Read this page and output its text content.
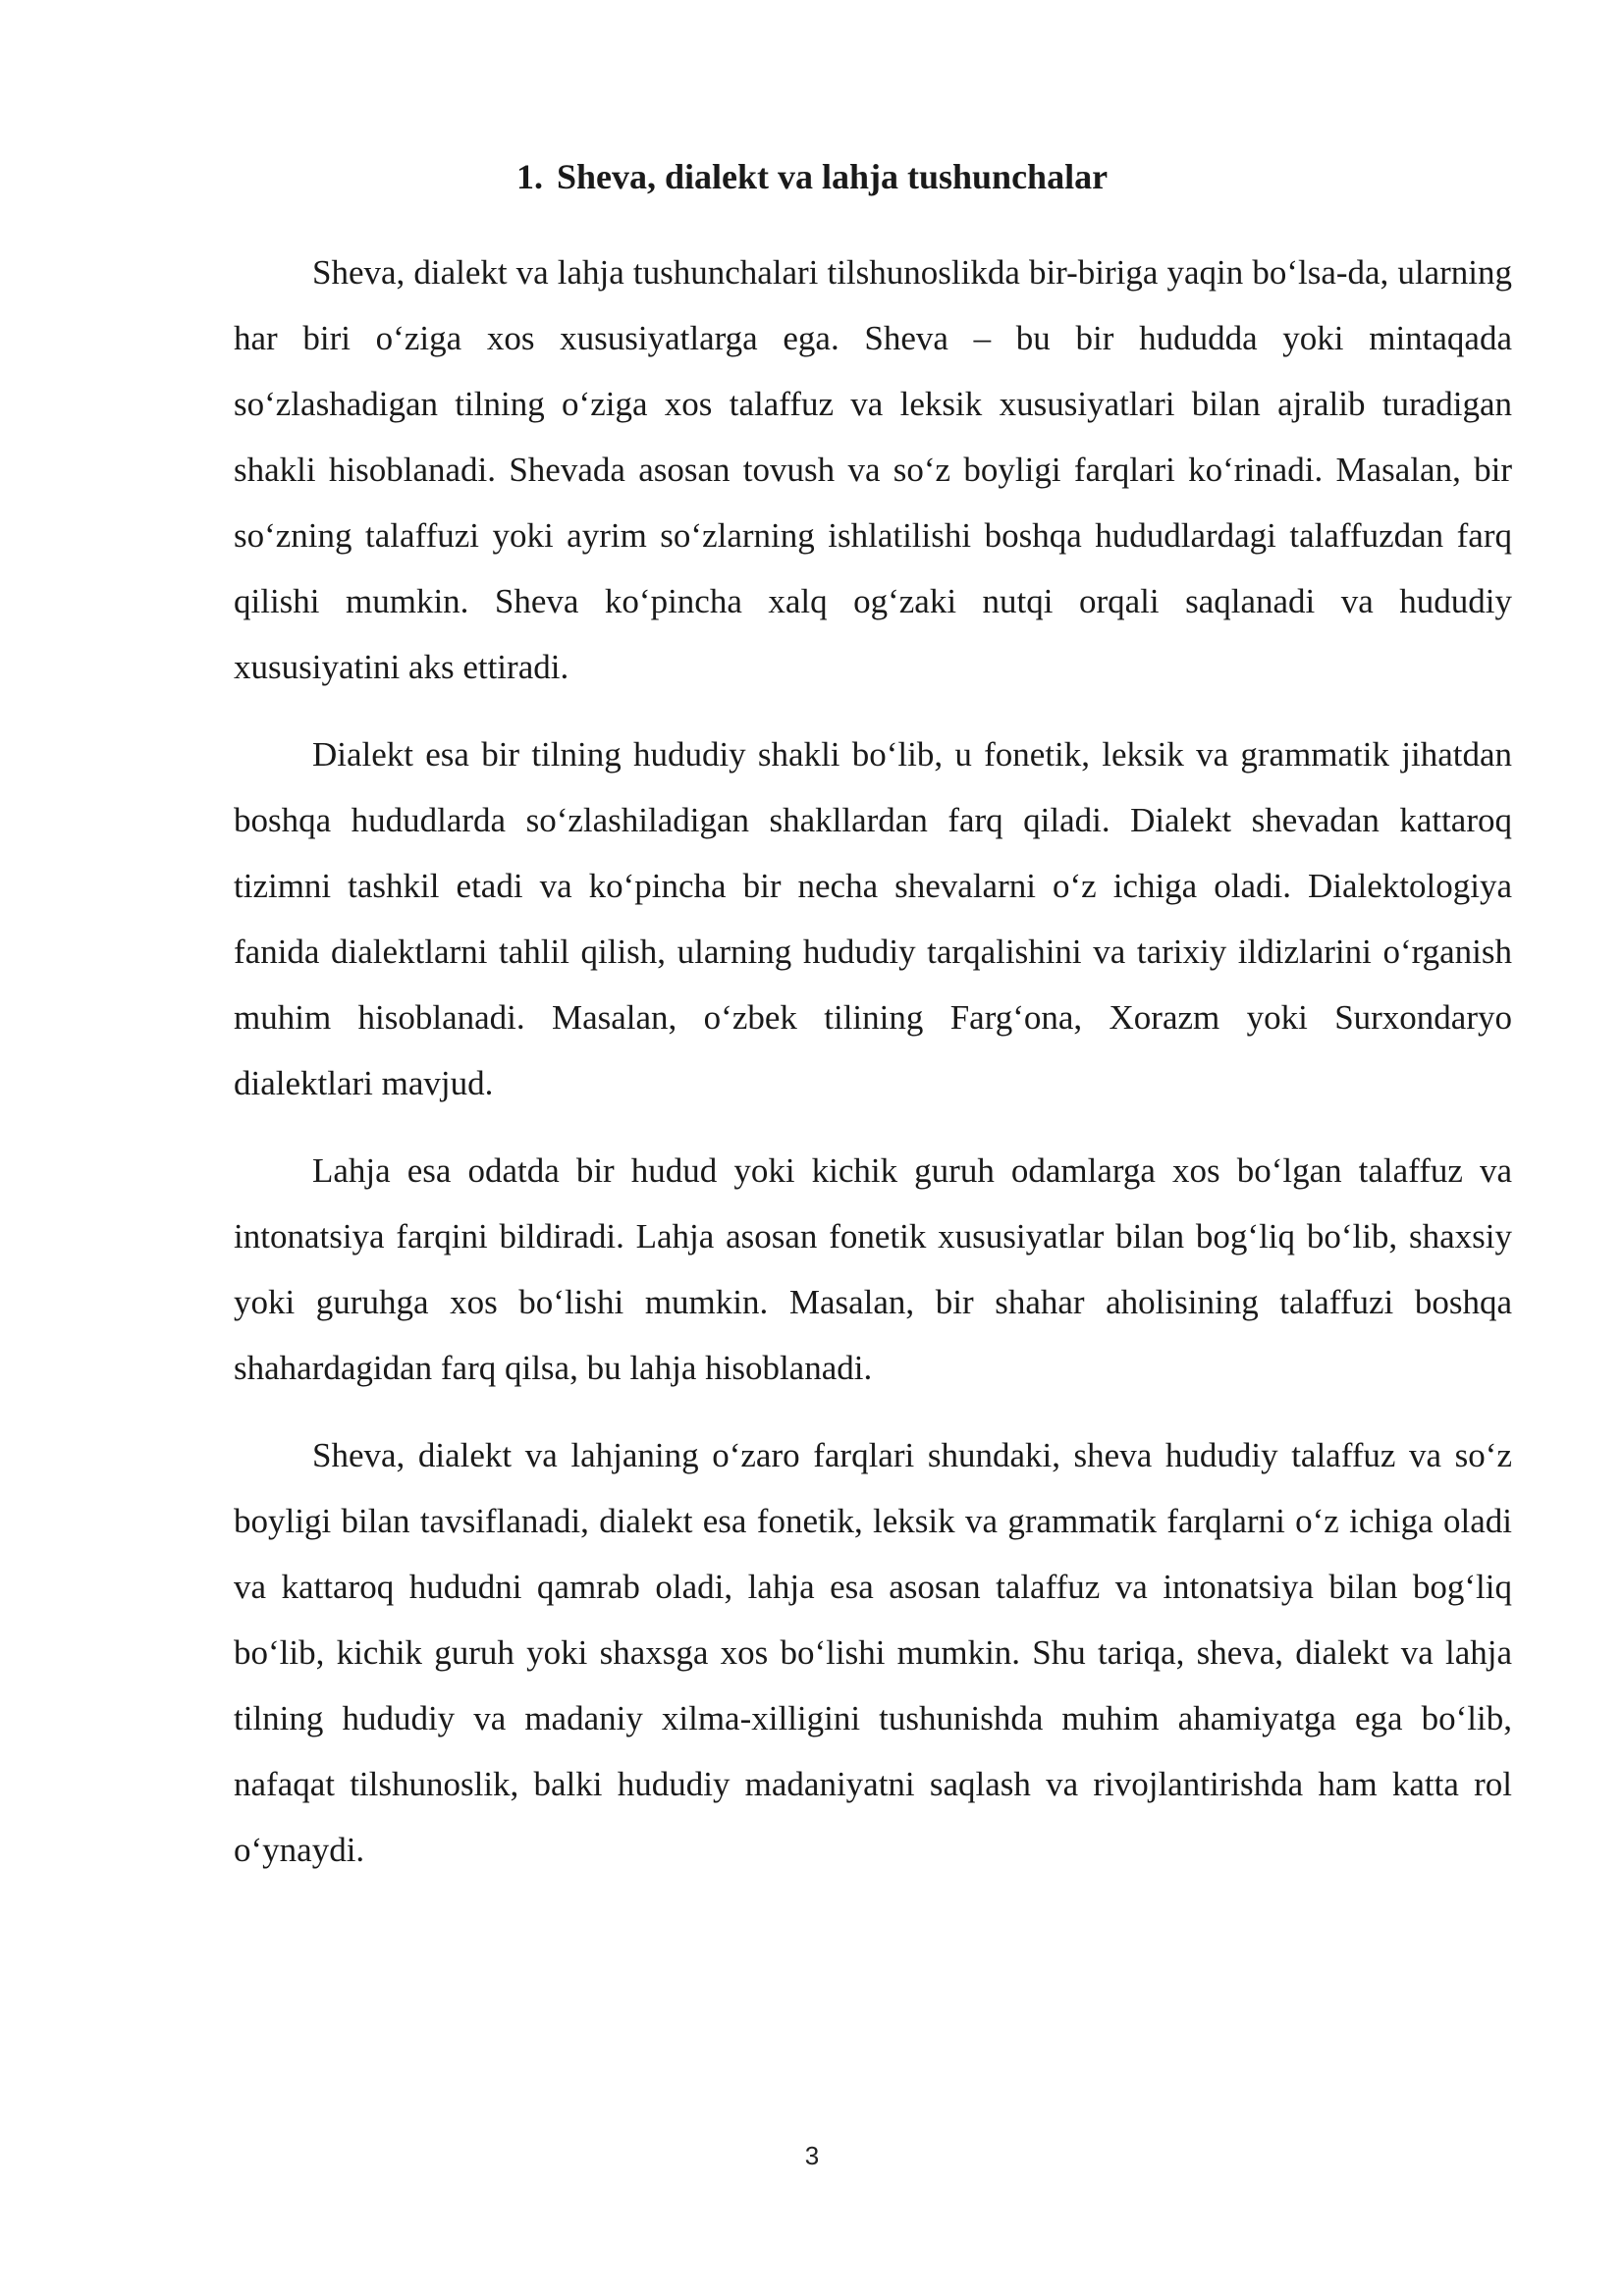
1. Sheva, dialekt va lahja tushunchalar

Sheva, dialekt va lahja tushunchalari tilshunoslikda bir-biriga yaqin bo‘lsa-da, ularning har biri o‘ziga xos xususiyatlarga ega. Sheva – bu bir hududda yoki mintaqada so‘zlashadigan tilning o‘ziga xos talaffuz va leksik xususiyatlari bilan ajralib turadigan shakli hisoblanadi. Shevada asosan tovush va so‘z boyligi farqlari ko‘rinadi. Masalan, bir so‘zning talaffuzi yoki ayrim so‘zlarning ishlatilishi boshqa hududlardagi talaffuzdan farq qilishi mumkin. Sheva ko‘pincha xalq og‘zaki nutqi orqali saqlanadi va hududiy xususiyatini aks ettiradi.

Dialekt esa bir tilning hududiy shakli bo‘lib, u fonetik, leksik va grammatik jihatdan boshqa hududlarda so‘zlashiladigan shakllardan farq qiladi. Dialekt shevadan kattaroq tizimni tashkil etadi va ko‘pincha bir necha shevalarni o‘z ichiga oladi. Dialektologiya fanida dialektlarni tahlil qilish, ularning hududiy tarqalishini va tarixiy ildizlarini o‘rganish muhim hisoblanadi. Masalan, o‘zbek tilining Farg‘ona, Xorazm yoki Surxondaryo dialektlari mavjud.

Lahja esa odatda bir hudud yoki kichik guruh odamlarga xos bo‘lgan talaffuz va intonatsiya farqini bildiradi. Lahja asosan fonetik xususiyatlar bilan bog‘liq bo‘lib, shaxsiy yoki guruhga xos bo‘lishi mumkin. Masalan, bir shahar aholisining talaffuzi boshqa shahardagidan farq qilsa, bu lahja hisoblanadi.

Sheva, dialekt va lahjaning o‘zaro farqlari shundaki, sheva hududiy talaffuz va so‘z boyligi bilan tavsiflanadi, dialekt esa fonetik, leksik va grammatik farqlarni o‘z ichiga oladi va kattaroq hududni qamrab oladi, lahja esa asosan talaffuz va intonatsiya bilan bog‘liq bo‘lib, kichik guruh yoki shaxsga xos bo‘lishi mumkin. Shu tariqa, sheva, dialekt va lahja tilning hududiy va madaniy xilma-xilligini tushunishda muhim ahamiyatga ega bo‘lib, nafaqat tilshunoslik, balki hududiy madaniyatni saqlash va rivojlantirishda ham katta rol o‘ynaydi.

3
